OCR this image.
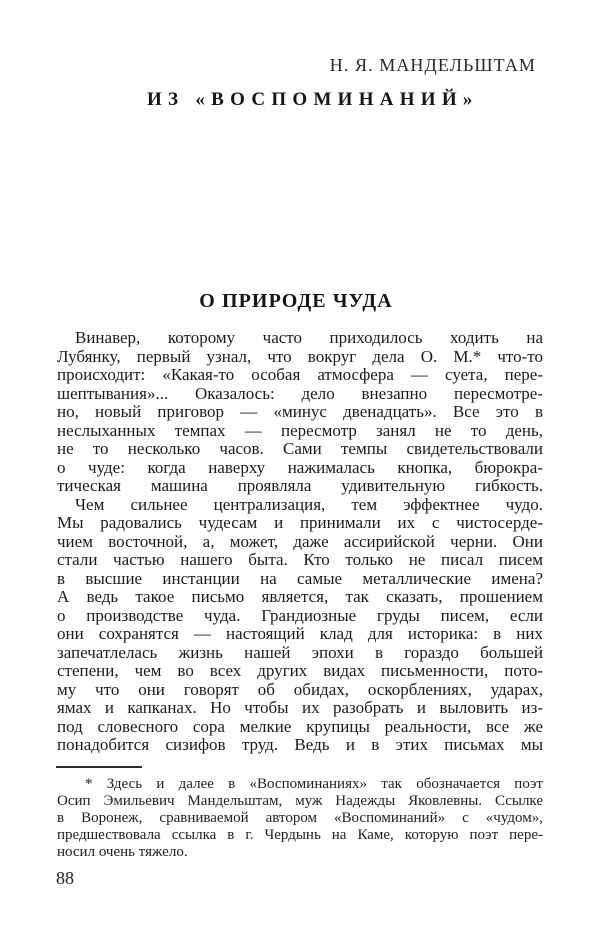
Н. Я. МАНДЕЛЬШТАМ
ИЗ «ВОСПОМИНАНИЙ»
О ПРИРОДЕ ЧУДА
Винавер, которому часто приходилось ходить на
Лубянку, первый узнал, что вокруг дела О. М.* что-то
происходит: «Какая-то особая атмосфера — суета, пере-
шептывания»... Оказалось: дело внезапно пересмотре-
но, новый приговор — «минус двенадцать». Все это в
неслыханных темпах — пересмотр занял не то день,
не то несколько часов. Сами темпы свидетельствовали
о чуде: когда наверху нажималась кнопка, бюрокра-
тическая машина проявляла удивительную гибкость.
Чем сильнее централизация, тем эффектнее чудо.
Мы радовались чудесам и принимали их с чистосерде-
чием восточной, а, может, даже ассирийской черни. Они
стали частью нашего быта. Кто только не писал писем
в высшие инстанции на самые металлические имена?
А ведь такое письмо является, так сказать, прошением
о производстве чуда. Грандиозные груды писем, если
они сохранятся — настоящий клад для историка: в них
запечатлелась жизнь нашей эпохи в гораздо большей
степени, чем во всех других видах письменности, пото-
му что они говорят об обидах, оскорблениях, ударах,
ямах и капканах. Но чтобы их разобрать и выловить из-
под словесного сора мелкие крупицы реальности, все же
понадобится сизифов труд. Ведь и в этих письмах мы
* Здесь и далее в «Воспоминаниях» так обозначается поэт
Осип Эмильевич Мандельштам, муж Надежды Яковлевны. Ссылке
в Воронеж, сравниваемой автором «Воспоминаний» с «чудом»,
предшествовала ссылка в г. Чердынь на Каме, которую поэт пере-
носил очень тяжело.
88
